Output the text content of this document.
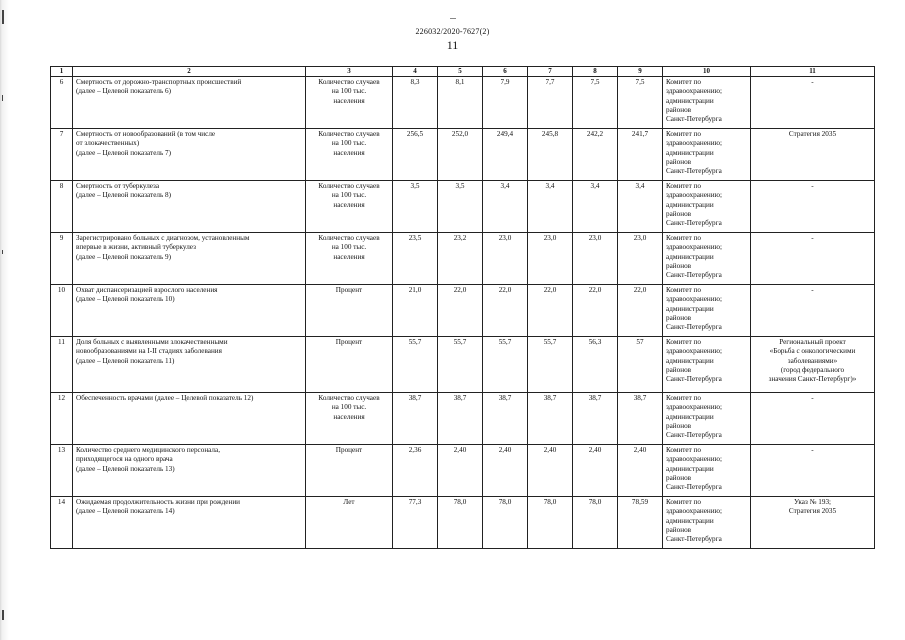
226032/2020-7627(2)
11
1	2	3	4	5	6	7	8	9	10	11
6	Смертность от дорожно-транспортных происшествий
(далее – Целевой показатель 6)	Количество случаев
на 100 тыс.
населения	8,3	8,1	7,9	7,7	7,5	7,5	Комитет по
здравоохранению;
администрации
районов
Санкт-Петербурга	-
7	Смертность от новообразований (в том числе
от злокачественных)
(далее – Целевой показатель 7)	Количество случаев
на 100 тыс.
населения	256,5	252,0	249,4	245,8	242,2	241,7	Комитет по
здравоохранению;
администрации
районов
Санкт-Петербурга	Стратегия 2035
8	Смертность от туберкулеза
(далее – Целевой показатель 8)	Количество случаев
на 100 тыс.
населения	3,5	3,5	3,4	3,4	3,4	3,4	Комитет по
здравоохранению;
администрации
районов
Санкт-Петербурга	-
9	Зарегистрировано больных с диагнозом, установленным
впервые в жизни, активный туберкулез
(далее – Целевой показатель 9)	Количество случаев
на 100 тыс.
населения	23,5	23,2	23,0	23,0	23,0	23,0	Комитет по
здравоохранению;
администрации
районов
Санкт-Петербурга	-
10	Охват диспансеризацией взрослого населения
(далее – Целевой показатель 10)	Процент	21,0	22,0	22,0	22,0	22,0	22,0	Комитет по
здравоохранению;
администрации
районов
Санкт-Петербурга	-
11	Доля больных с выявленными злокачественными
новообразованиями на I-II стадиях заболевания
(далее – Целевой показатель 11)	Процент	55,7	55,7	55,7	55,7	56,3	57	Комитет по
здравоохранению;
администрации
районов
Санкт-Петербурга	Региональный проект
«Борьба с онкологическими
заболеваниями»
(город федерального
значения Санкт-Петербург)»
12	Обеспеченность врачами (далее – Целевой показатель 12)	Количество случаев
на 100 тыс.
населения	38,7	38,7	38,7	38,7	38,7	38,7	Комитет по
здравоохранению;
администрации
районов
Санкт-Петербурга	-
13	Количество среднего медицинского персонала,
приходящегося на одного врача
(далее – Целевой показатель 13)	Процент	2,36	2,40	2,40	2,40	2,40	2,40	Комитет по
здравоохранению;
администрации
районов
Санкт-Петербурга	-
14	Ожидаемая продолжительность жизни при рождении
(далее – Целевой показатель 14)	Лет	77,3	78,0	78,0	78,0	78,0	78,59	Комитет по
здравоохранению;
администрации
районов
Санкт-Петербурга	Указ № 193;
Стратегия 2035
